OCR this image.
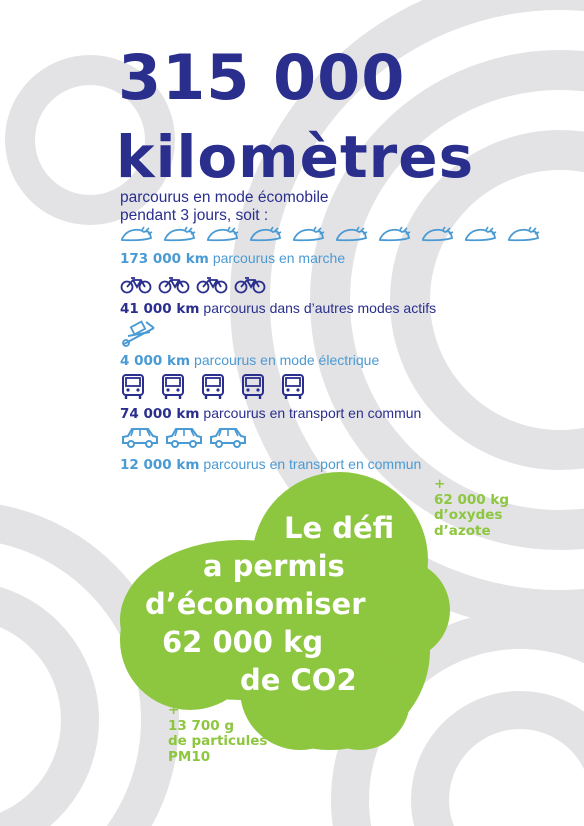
315 000
kilomètres
parcourus en mode écomobile
pendant 3 jours, soit :
173 000 km parcourus en marche
41 000 km parcourus dans d’autres modes actifs
4 000 km parcourus en mode électrique
74 000 km parcourus en transport en commun
12 000 km parcourus en transport en commun
Le défi
a permis
d’économiser
62 000 kg
de CO2
+
62 000 kg
d’oxydes
d’azote
+
13 700 g
de particules
PM10
